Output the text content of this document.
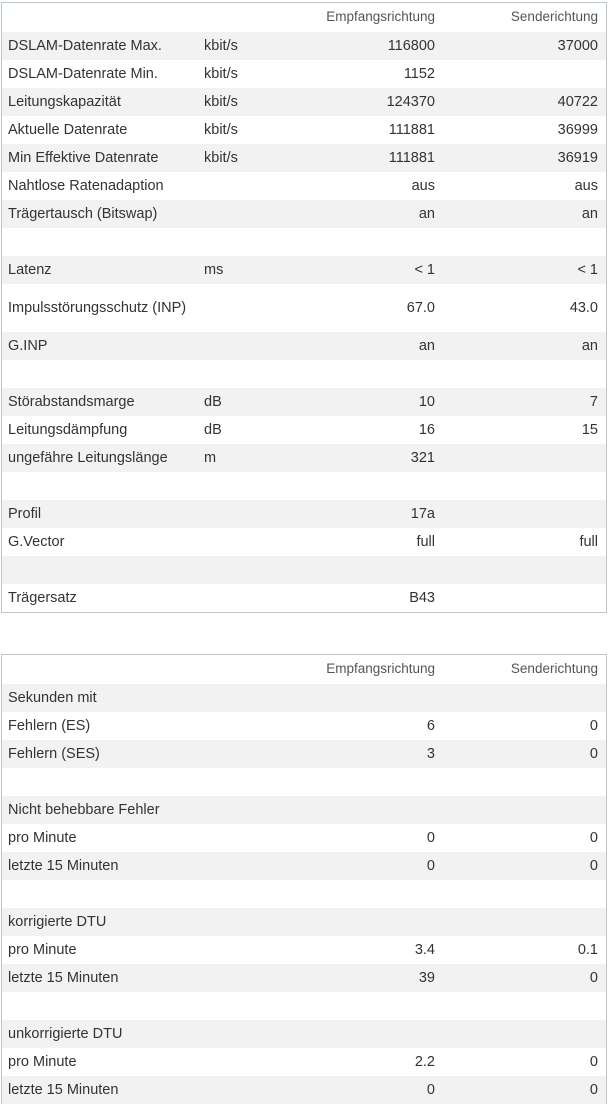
		Empfangsrichtung	Senderichtung
DSLAM-Datenrate Max.	kbit/s	116800	37000
DSLAM-Datenrate Min.	kbit/s	1152	
Leitungskapazität	kbit/s	124370	40722
Aktuelle Datenrate	kbit/s	111881	36999
Min Effektive Datenrate	kbit/s	111881	36919
Nahtlose Ratenadaption		aus	aus
Trägertausch (Bitswap)		an	an

Latenz	ms	< 1	< 1
Impulsstörungsschutz (INP)		67.0	43.0
G.INP		an	an

Störabstandsmarge	dB	10	7
Leitungsdämpfung	dB	16	15
ungefähre Leitungslänge	m	321	

Profil		17a	
G.Vector		full	full

Trägersatz		B43	
		Empfangsrichtung	Senderichtung
Sekunden mit			
Fehlern (ES)		6	0
Fehlern (SES)		3	0

Nicht behebbare Fehler			
pro Minute		0	0
letzte 15 Minuten		0	0

korrigierte DTU			
pro Minute		3.4	0.1
letzte 15 Minuten		39	0

unkorrigierte DTU			
pro Minute		2.2	0
letzte 15 Minuten		0	0
